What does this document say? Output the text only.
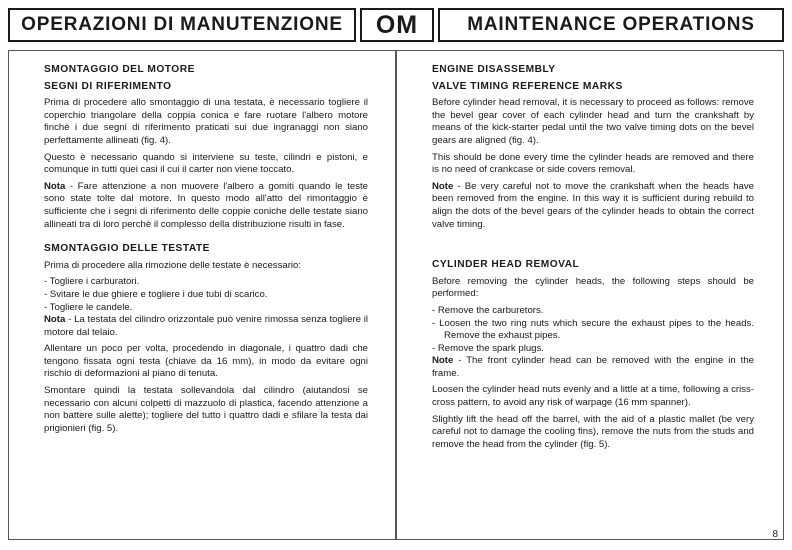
OPERAZIONI DI MANUTENZIONE	OM	MAINTENANCE OPERATIONS
SMONTAGGIO DEL MOTORE
SEGNI DI RIFERIMENTO
Prima di procedere allo smontaggio di una testata, è necessario togliere il coperchio triangolare della coppia conica e fare ruotare l'albero motore finchè i due segni di riferimento praticati sui due ingranaggi non siano perfettamente allineati (fig. 4).
Questo è necessario quando si interviene su teste, cilindri e pistoni, e comunque in tutti quei casi il cui il carter non viene toccato.
Nota - Fare attenzione a non muovere l'albero a gomiti quando le teste sono state tolte dal motore. In questo modo all'atto del rimontaggio è sufficiente che i segni di riferimento delle coppie coniche delle testate siano allineati tra di loro perchè il complesso della distribuzione risulti in fase.
SMONTAGGIO DELLE TESTATE
Prima di procedere alla rimozione delle testate è necessario:
- Togliere i carburatori.
- Svitare le due ghiere e togliere i due tubi di scarico.
- Togliere le candele.
Nota - La testata del cilindro orizzontale può venire rimossa senza togliere il motore dal telaio.
Allentare un poco per volta, procedendo in diagonale, i quattro dadi che tengono fissata ogni testa (chiave da 16 mm), in modo da evitare ogni rischio di deformazioni al piano di tenuta.
Smontare quindi la testata sollevandola dal cilindro (aiutandosi se necessario con alcuni colpetti di mazzuolo di plastica, facendo attenzione a non battere sulle alette); togliere del tutto i quattro dadi e sfilare la testa dai prigionieri (fig. 5).
ENGINE DISASSEMBLY
VALVE TIMING REFERENCE MARKS
Before cylinder head removal, it is necessary to proceed as follows: remove the bevel gear cover of each cylinder head and turn the crankshaft by means of the kick-starter pedal until the two valve timing dots on the bevel gears are aligned (fig. 4).
This should be done every time the cylinder heads are removed and there is no need of crankcase or side covers removal.
Note - Be very careful not to move the crankshaft when the heads have been removed from the engine. In this way it is sufficient during rebuild to align the dots of the bevel gears of the cylinder heads to obtain the correct valve timing.
CYLINDER HEAD REMOVAL
Before removing the cylinder heads, the following steps should be performed:
- Remove the carburetors.
- Loosen the two ring nuts which secure the exhaust pipes to the heads. Remove the exhaust pipes.
- Remove the spark plugs.
Note - The front cylinder head can be removed with the engine in the frame.
Loosen the cylinder head nuts evenly and a little at a time, following a criss-cross pattern, to avoid any risk of warpage (16 mm spanner).
Slightly lift the head off the barrel, with the aid of a plastic mallet (be very careful not to damage the cooling fins), remove the nuts from the studs and remove the head from the cylinder (fig. 5).
8
